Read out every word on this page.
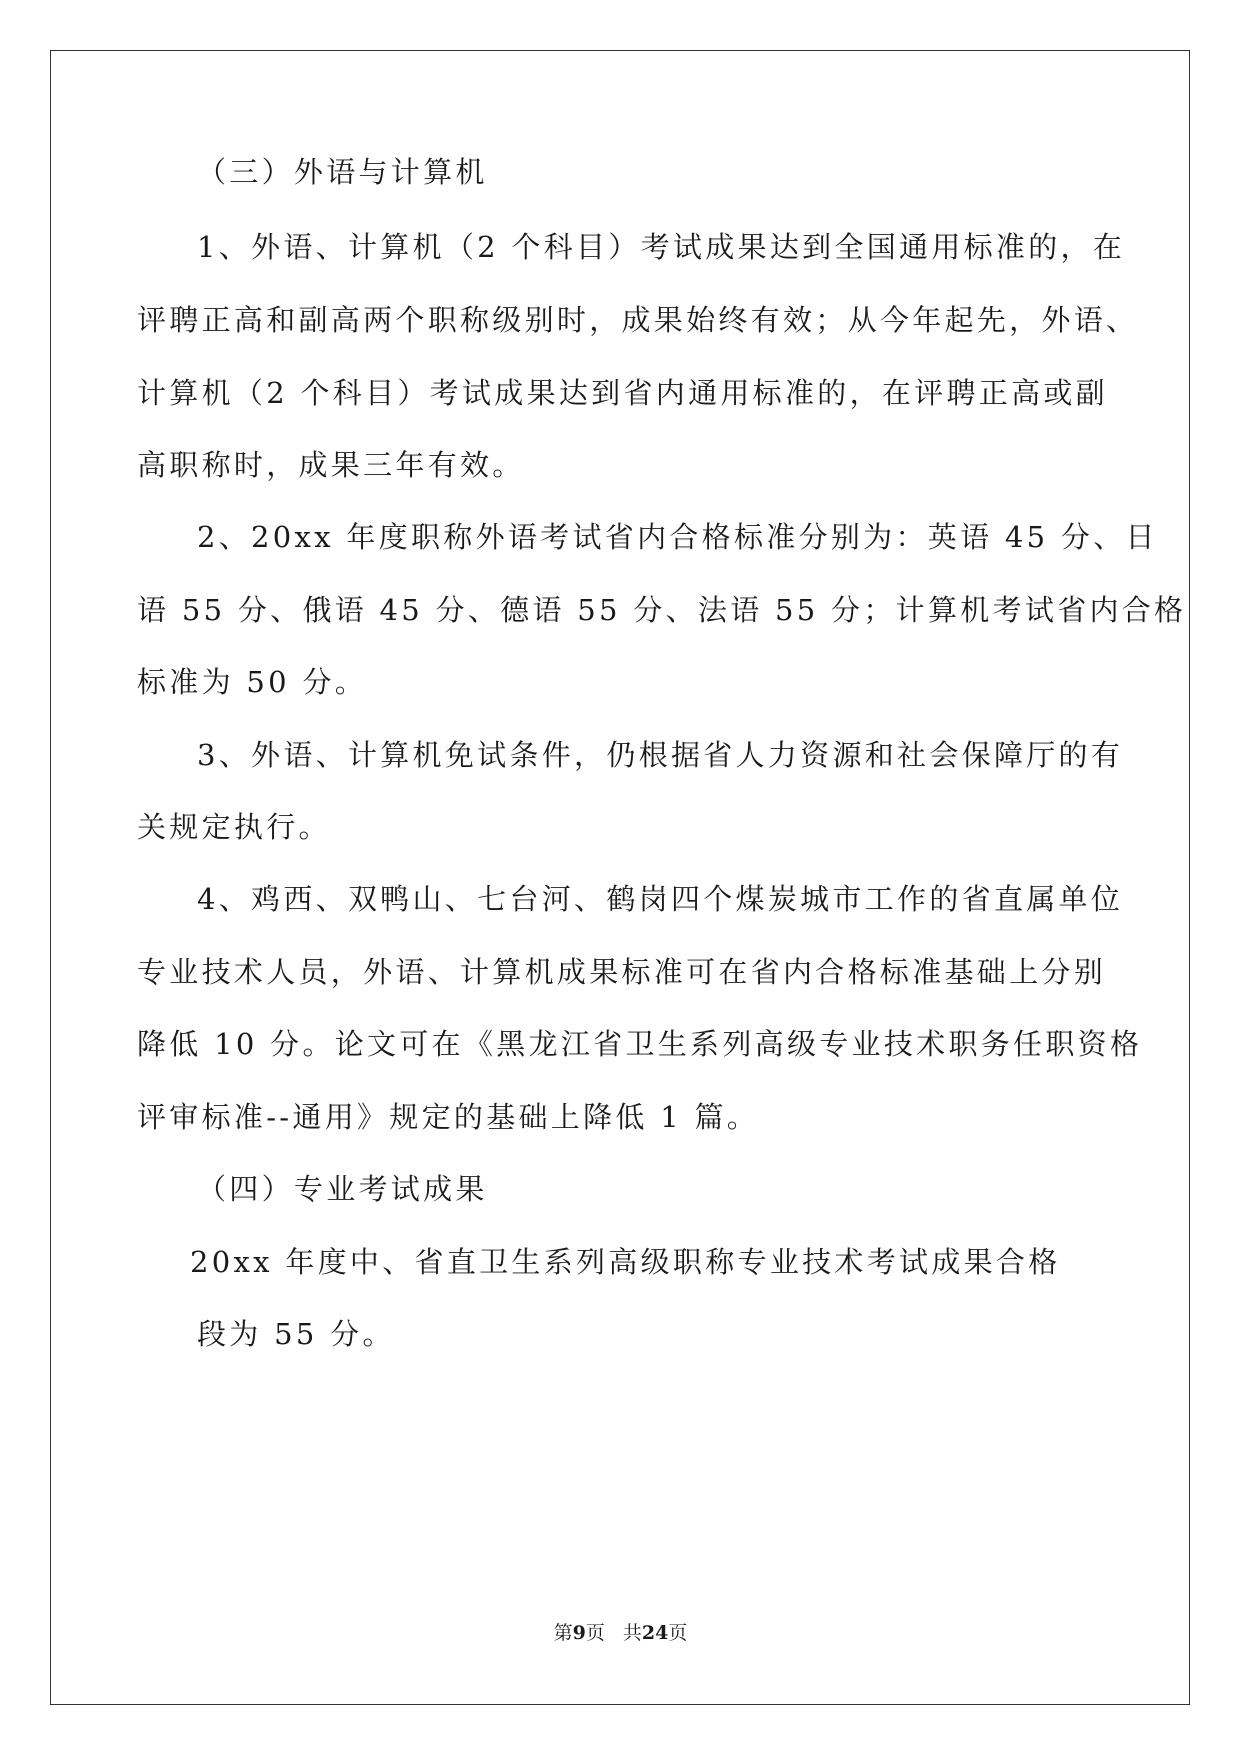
（三）外语与计算机
1、外语、计算机（2 个科目）考试成果达到全国通用标准的，在
评聘正高和副高两个职称级别时，成果始终有效；从今年起先，外语、
计算机（2 个科目）考试成果达到省内通用标准的，在评聘正高或副
高职称时，成果三年有效。
2、20xx 年度职称外语考试省内合格标准分别为：英语 45 分、日
语 55 分、俄语 45 分、德语 55 分、法语 55 分；计算机考试省内合格
标准为 50 分。
3、外语、计算机免试条件，仍根据省人力资源和社会保障厅的有
关规定执行。
4、鸡西、双鸭山、七台河、鹤岗四个煤炭城市工作的省直属单位
专业技术人员，外语、计算机成果标准可在省内合格标准基础上分别
降低 10 分。论文可在《黑龙江省卫生系列高级专业技术职务任职资格
评审标准--通用》规定的基础上降低 1 篇。
（四）专业考试成果
20xx 年度中、省直卫生系列高级职称专业技术考试成果合格
段为 55 分。
第9页 共24页
